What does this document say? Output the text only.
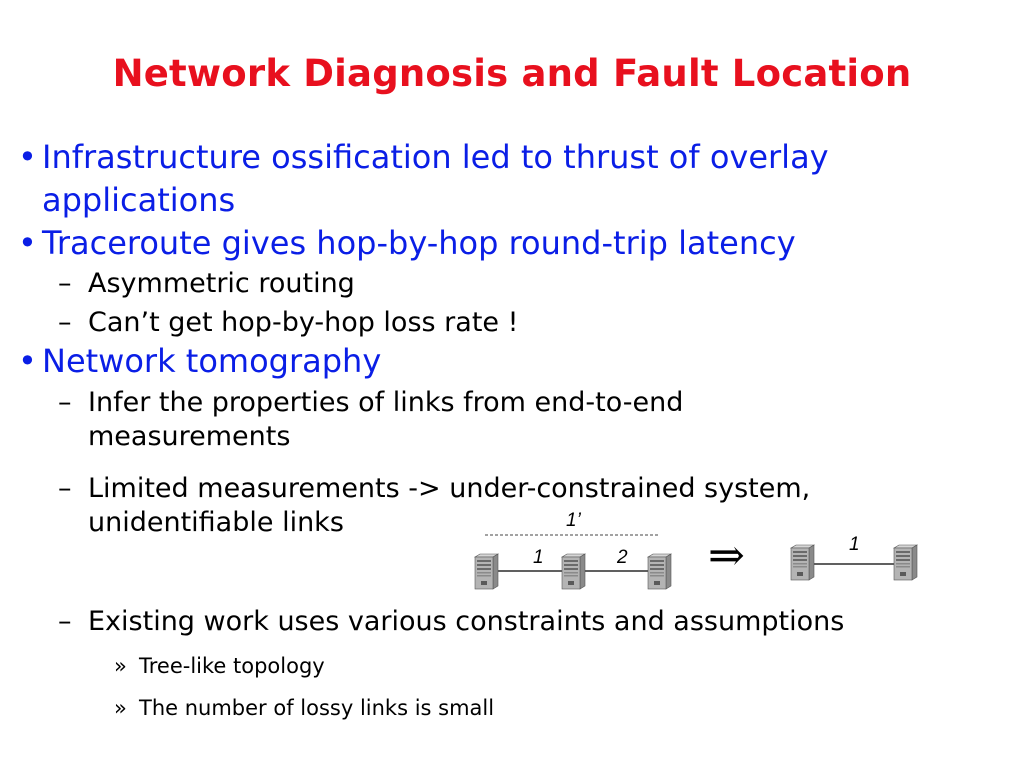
Network Diagnosis and Fault Location
• Infrastructure ossification led to thrust of overlay
applications
• Traceroute gives hop-by-hop round-trip latency
– Asymmetric routing
– Can’t get hop-by-hop loss rate !
• Network tomography
– Infer the properties of links from end-to-end
measurements
– Limited measurements -> under-constrained system,
unidentifiable links
– Existing work uses various constraints and assumptions
» Tree-like topology
» The number of lossy links is small
1’
1	2 ⇒	1
